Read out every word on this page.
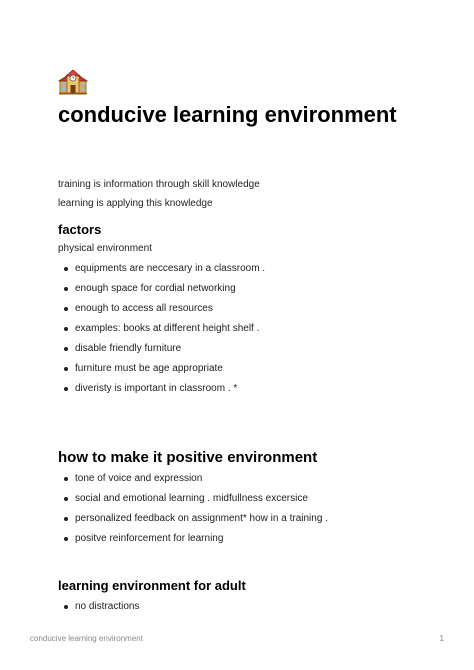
conducive learning environment

training is information through skill knowledge

learning is applying this knowledge

factors

physical environment

equipments are neccesary in a classroom .
enough space for cordial networking
enough to access all resources
examples: books at different height shelf .
disable friendly furniture
furniture must be age appropriate
diveristy is important in classroom . *
how to make it positive environment
tone of voice and expression
social and emotional learning . midfullness excersice
personalized feedback on assignment* how in a training .
positve reinforcement for learning
learning environment for adult
no distractions
conducive learning environment	1
